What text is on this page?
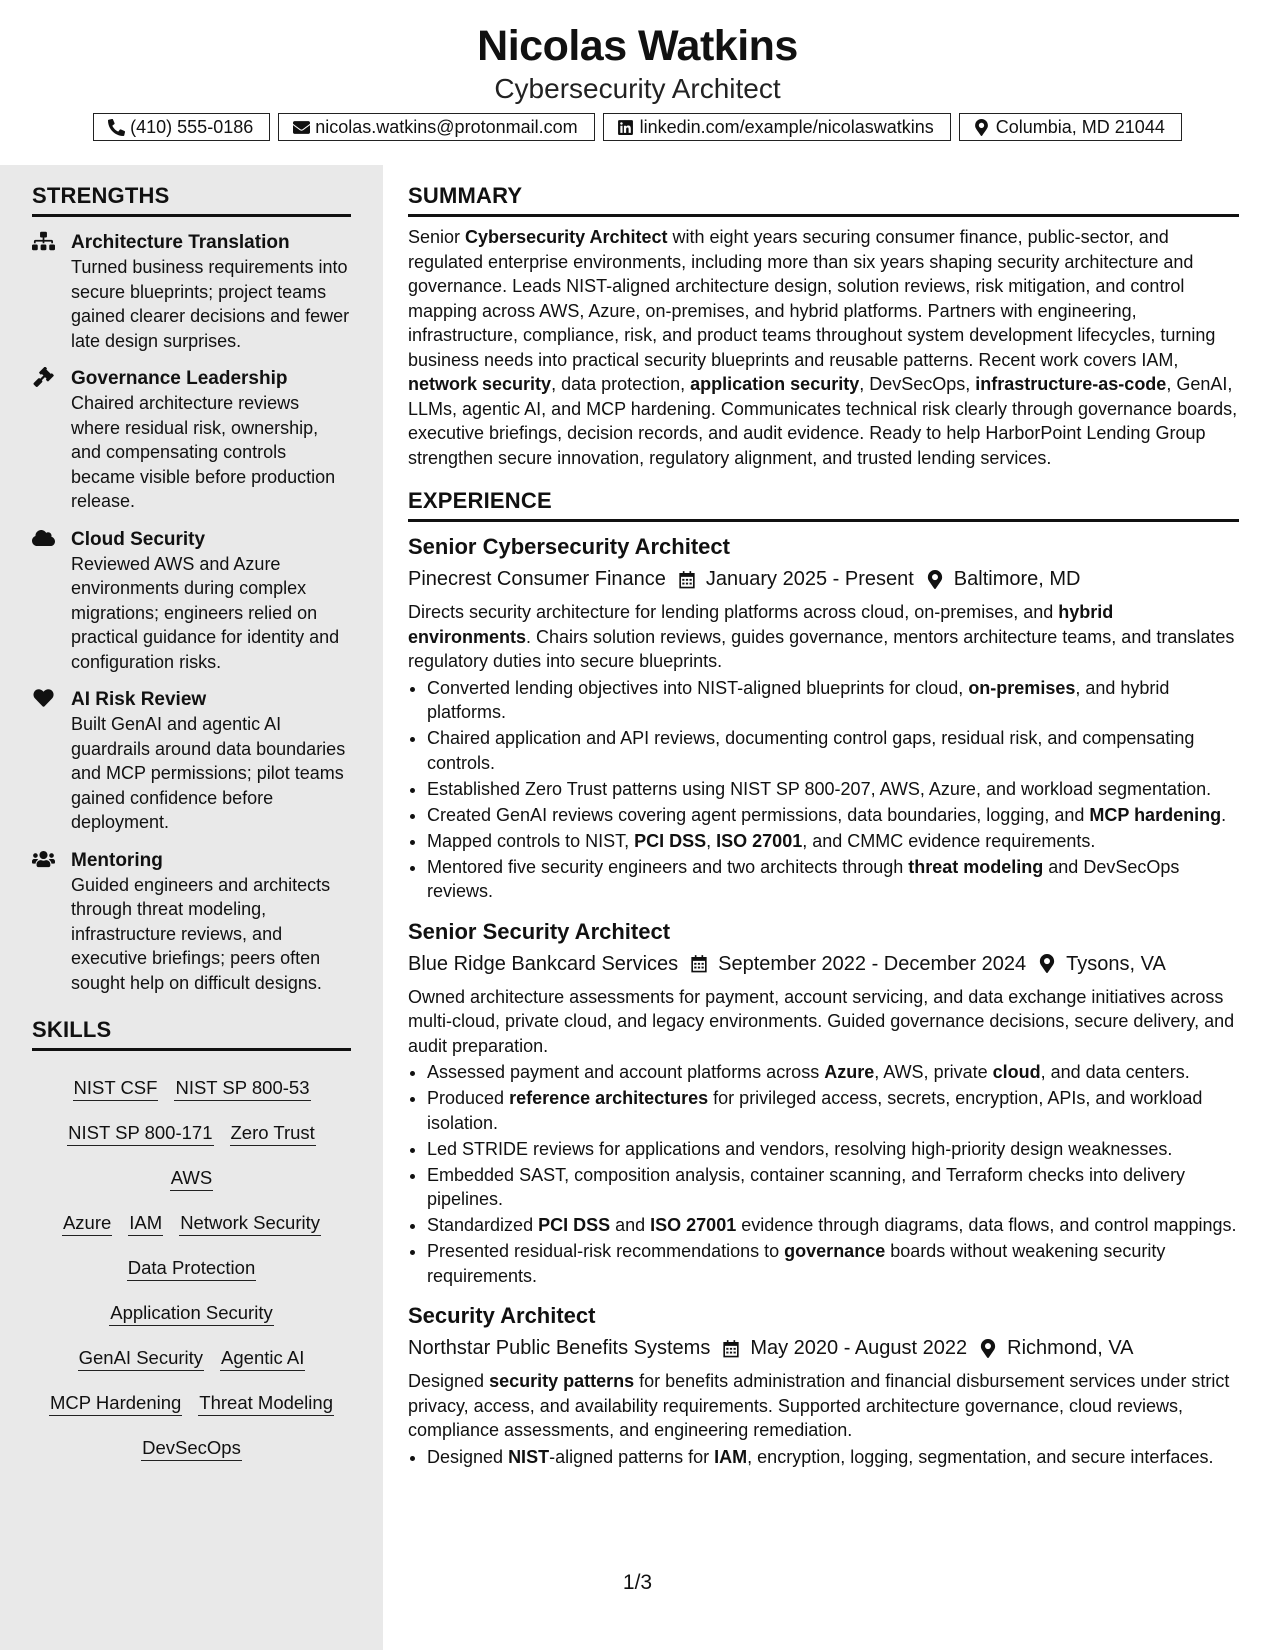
Nicolas Watkins
Cybersecurity Architect
(410) 555-0186	nicolas.watkins@protonmail.com	linkedin.com/example/nicolaswatkins	Columbia, MD 21044
STRENGTHS
Architecture Translation
Turned business requirements into secure blueprints; project teams gained clearer decisions and fewer late design surprises.
Governance Leadership
Chaired architecture reviews where residual risk, ownership, and compensating controls became visible before production release.
Cloud Security
Reviewed AWS and Azure environments during complex migrations; engineers relied on practical guidance for identity and configuration risks.
AI Risk Review
Built GenAI and agentic AI guardrails around data boundaries and MCP permissions; pilot teams gained confidence before deployment.
Mentoring
Guided engineers and architects through threat modeling, infrastructure reviews, and executive briefings; peers often sought help on difficult designs.
SKILLS
NIST CSF NIST SP 800-53
NIST SP 800-171 Zero TrustAWS
Azure IAM Network Security
Data Protection
Application Security
GenAI Security Agentic AI
MCP Hardening Threat Modeling
DevSecOps
SUMMARY
Senior Cybersecurity Architect with eight years securing consumer finance, public-sector, and regulated enterprise environments, including more than six years shaping security architecture and governance. Leads NIST-aligned architecture design, solution reviews, risk mitigation, and control mapping across AWS, Azure, on-premises, and hybrid platforms. Partners with engineering, infrastructure, compliance, risk, and product teams throughout system development lifecycles, turning business needs into practical security blueprints and reusable patterns. Recent work covers IAM, network security, data protection, application security, DevSecOps, infrastructure-as-code, GenAI, LLMs, agentic AI, and MCP hardening. Communicates technical risk clearly through governance boards, executive briefings, decision records, and audit evidence. Ready to help HarborPoint Lending Group strengthen secure innovation, regulatory alignment, and trusted lending services.
EXPERIENCE
Senior Cybersecurity Architect
Pinecrest Consumer Finance January 2025 - Present Baltimore, MD
Directs security architecture for lending platforms across cloud, on-premises, and hybrid environments. Chairs solution reviews, guides governance, mentors architecture teams, and translates regulatory duties into secure blueprints.
• Converted lending objectives into NIST-aligned blueprints for cloud, on-premises, and hybrid platforms.
• Chaired application and API reviews, documenting control gaps, residual risk, and compensating controls.
• Established Zero Trust patterns using NIST SP 800-207, AWS, Azure, and workload segmentation.
• Created GenAI reviews covering agent permissions, data boundaries, logging, and MCP hardening.
• Mapped controls to NIST, PCI DSS, ISO 27001, and CMMC evidence requirements.
• Mentored five security engineers and two architects through threat modeling and DevSecOps reviews.
Senior Security Architect
Blue Ridge Bankcard Services September 2022 - December 2024 Tysons, VA
Owned architecture assessments for payment, account servicing, and data exchange initiatives across multi-cloud, private cloud, and legacy environments. Guided governance decisions, secure delivery, and audit preparation.
• Assessed payment and account platforms across Azure, AWS, private cloud, and data centers.
• Produced reference architectures for privileged access, secrets, encryption, APIs, and workload isolation.
• Led STRIDE reviews for applications and vendors, resolving high-priority design weaknesses.
• Embedded SAST, composition analysis, container scanning, and Terraform checks into delivery pipelines.
• Standardized PCI DSS and ISO 27001 evidence through diagrams, data flows, and control mappings.
• Presented residual-risk recommendations to governance boards without weakening security requirements.
Security Architect
Northstar Public Benefits Systems May 2020 - August 2022 Richmond, VA
Designed security patterns for benefits administration and financial disbursement services under strict privacy, access, and availability requirements. Supported architecture governance, cloud reviews, compliance assessments, and engineering remediation.
• Designed NIST-aligned patterns for IAM, encryption, logging, segmentation, and secure interfaces.
1/3
